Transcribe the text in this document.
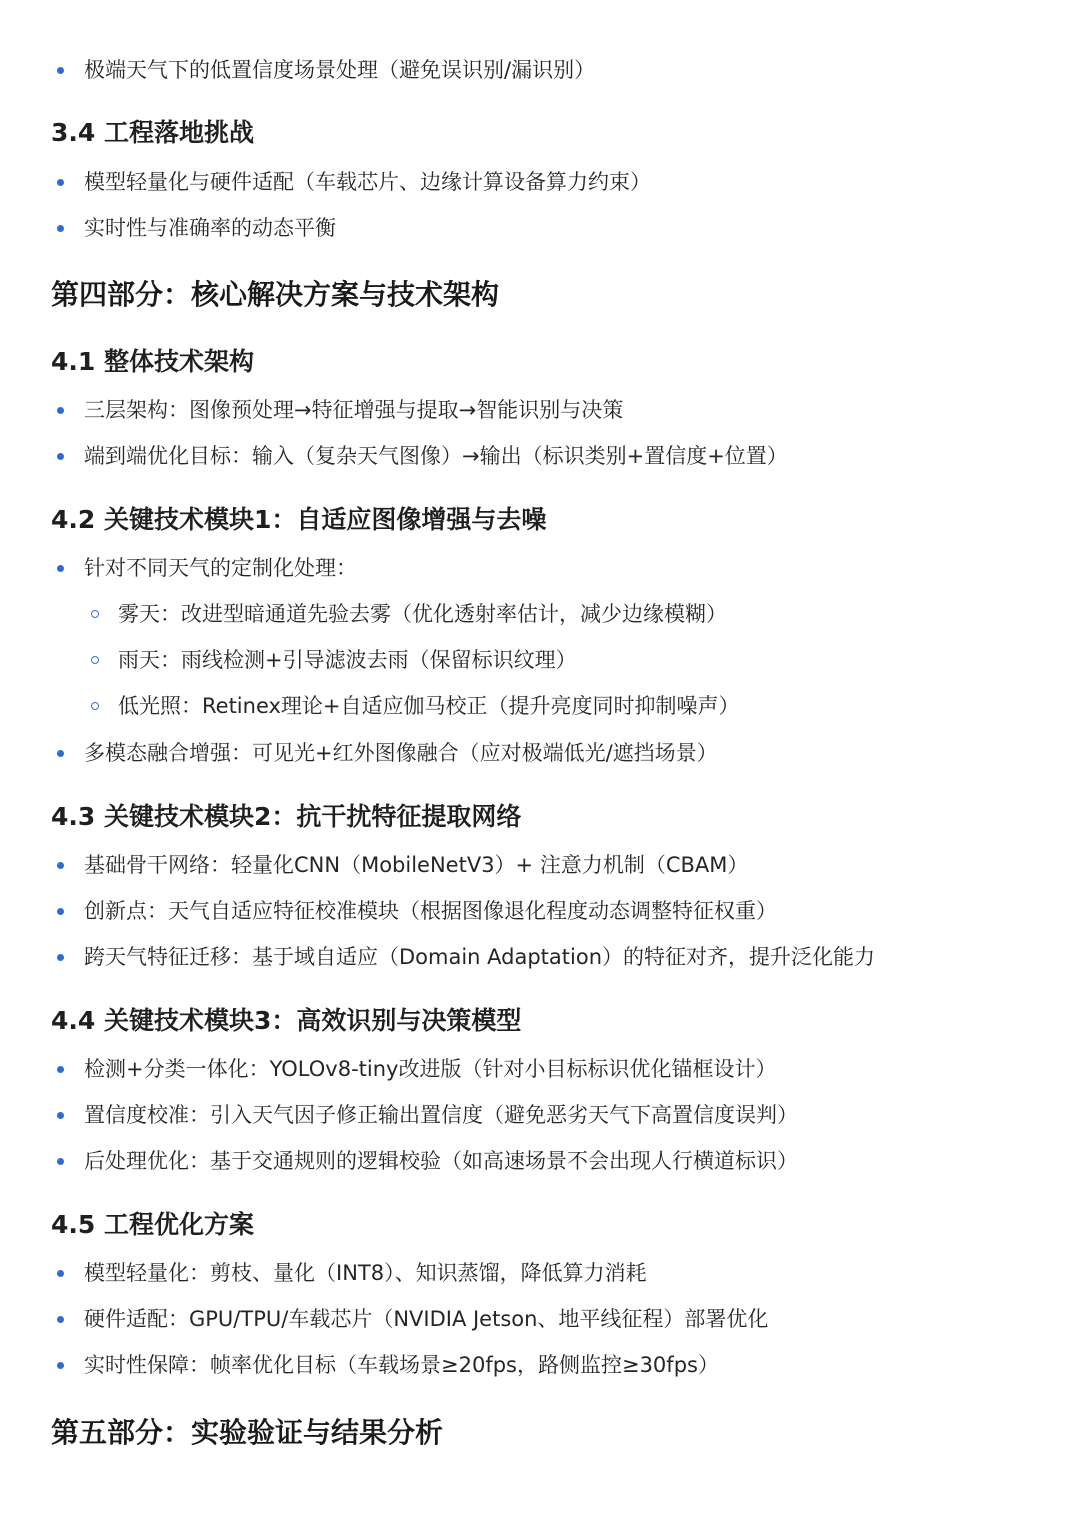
极端天气下的低置信度场景处理（避免误识别/漏识别）
3.4 工程落地挑战
模型轻量化与硬件适配（车载芯片、边缘计算设备算力约束）
实时性与准确率的动态平衡
第四部分：核心解决方案与技术架构
4.1 整体技术架构
三层架构：图像预处理→特征增强与提取→智能识别与决策
端到端优化目标：输入（复杂天气图像）→输出（标识类别+置信度+位置）
4.2 关键技术模块1：自适应图像增强与去噪
针对不同天气的定制化处理：
雾天：改进型暗通道先验去雾（优化透射率估计，减少边缘模糊）
雨天：雨线检测+引导滤波去雨（保留标识纹理）
低光照：Retinex理论+自适应伽马校正（提升亮度同时抑制噪声）
多模态融合增强：可见光+红外图像融合（应对极端低光/遮挡场景）
4.3 关键技术模块2：抗干扰特征提取网络
基础骨干网络：轻量化CNN（MobileNetV3）+ 注意力机制（CBAM）
创新点：天气自适应特征校准模块（根据图像退化程度动态调整特征权重）
跨天气特征迁移：基于域自适应（Domain Adaptation）的特征对齐，提升泛化能力
4.4 关键技术模块3：高效识别与决策模型
检测+分类一体化：YOLOv8-tiny改进版（针对小目标标识优化锚框设计）
置信度校准：引入天气因子修正输出置信度（避免恶劣天气下高置信度误判）
后处理优化：基于交通规则的逻辑校验（如高速场景不会出现人行横道标识）
4.5 工程优化方案
模型轻量化：剪枝、量化（INT8）、知识蒸馏，降低算力消耗
硬件适配：GPU/TPU/车载芯片（NVIDIA Jetson、地平线征程）部署优化
实时性保障：帧率优化目标（车载场景≥20fps，路侧监控≥30fps）
第五部分：实验验证与结果分析
